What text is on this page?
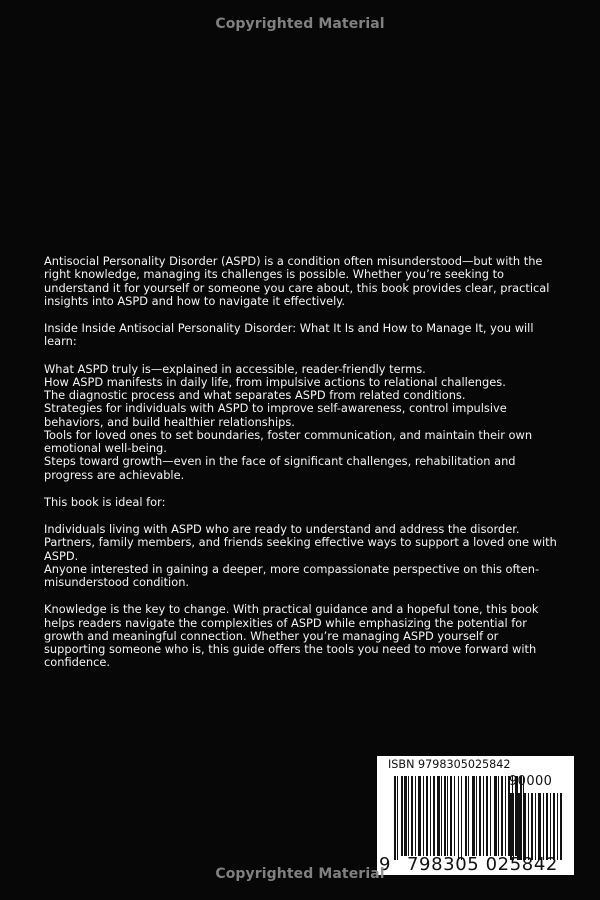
Copyrighted Material

Antisocial Personality Disorder (ASPD) is a condition often misunderstood—but with the right knowledge, managing its challenges is possible. Whether you’re seeking to understand it for yourself or someone you care about, this book provides clear, practical insights into ASPD and how to navigate it effectively.

Inside Inside Antisocial Personality Disorder: What It Is and How to Manage It, you will learn:

What ASPD truly is—explained in accessible, reader-friendly terms.
How ASPD manifests in daily life, from impulsive actions to relational challenges.
The diagnostic process and what separates ASPD from related conditions.
Strategies for individuals with ASPD to improve self-awareness, control impulsive behaviors, and build healthier relationships.
Tools for loved ones to set boundaries, foster communication, and maintain their own emotional well-being.
Steps toward growth—even in the face of significant challenges, rehabilitation and progress are achievable.

This book is ideal for:

Individuals living with ASPD who are ready to understand and address the disorder.
Partners, family members, and friends seeking effective ways to support a loved one with ASPD.
Anyone interested in gaining a deeper, more compassionate perspective on this often-misunderstood condition.

Knowledge is the key to change. With practical guidance and a hopeful tone, this book helps readers navigate the complexities of ASPD while emphasizing the potential for growth and meaningful connection. Whether you’re managing ASPD yourself or supporting someone who is, this guide offers the tools you need to move forward with confidence.

ISBN 9798305025842
90000
9 798305 025842
Copyrighted Material
